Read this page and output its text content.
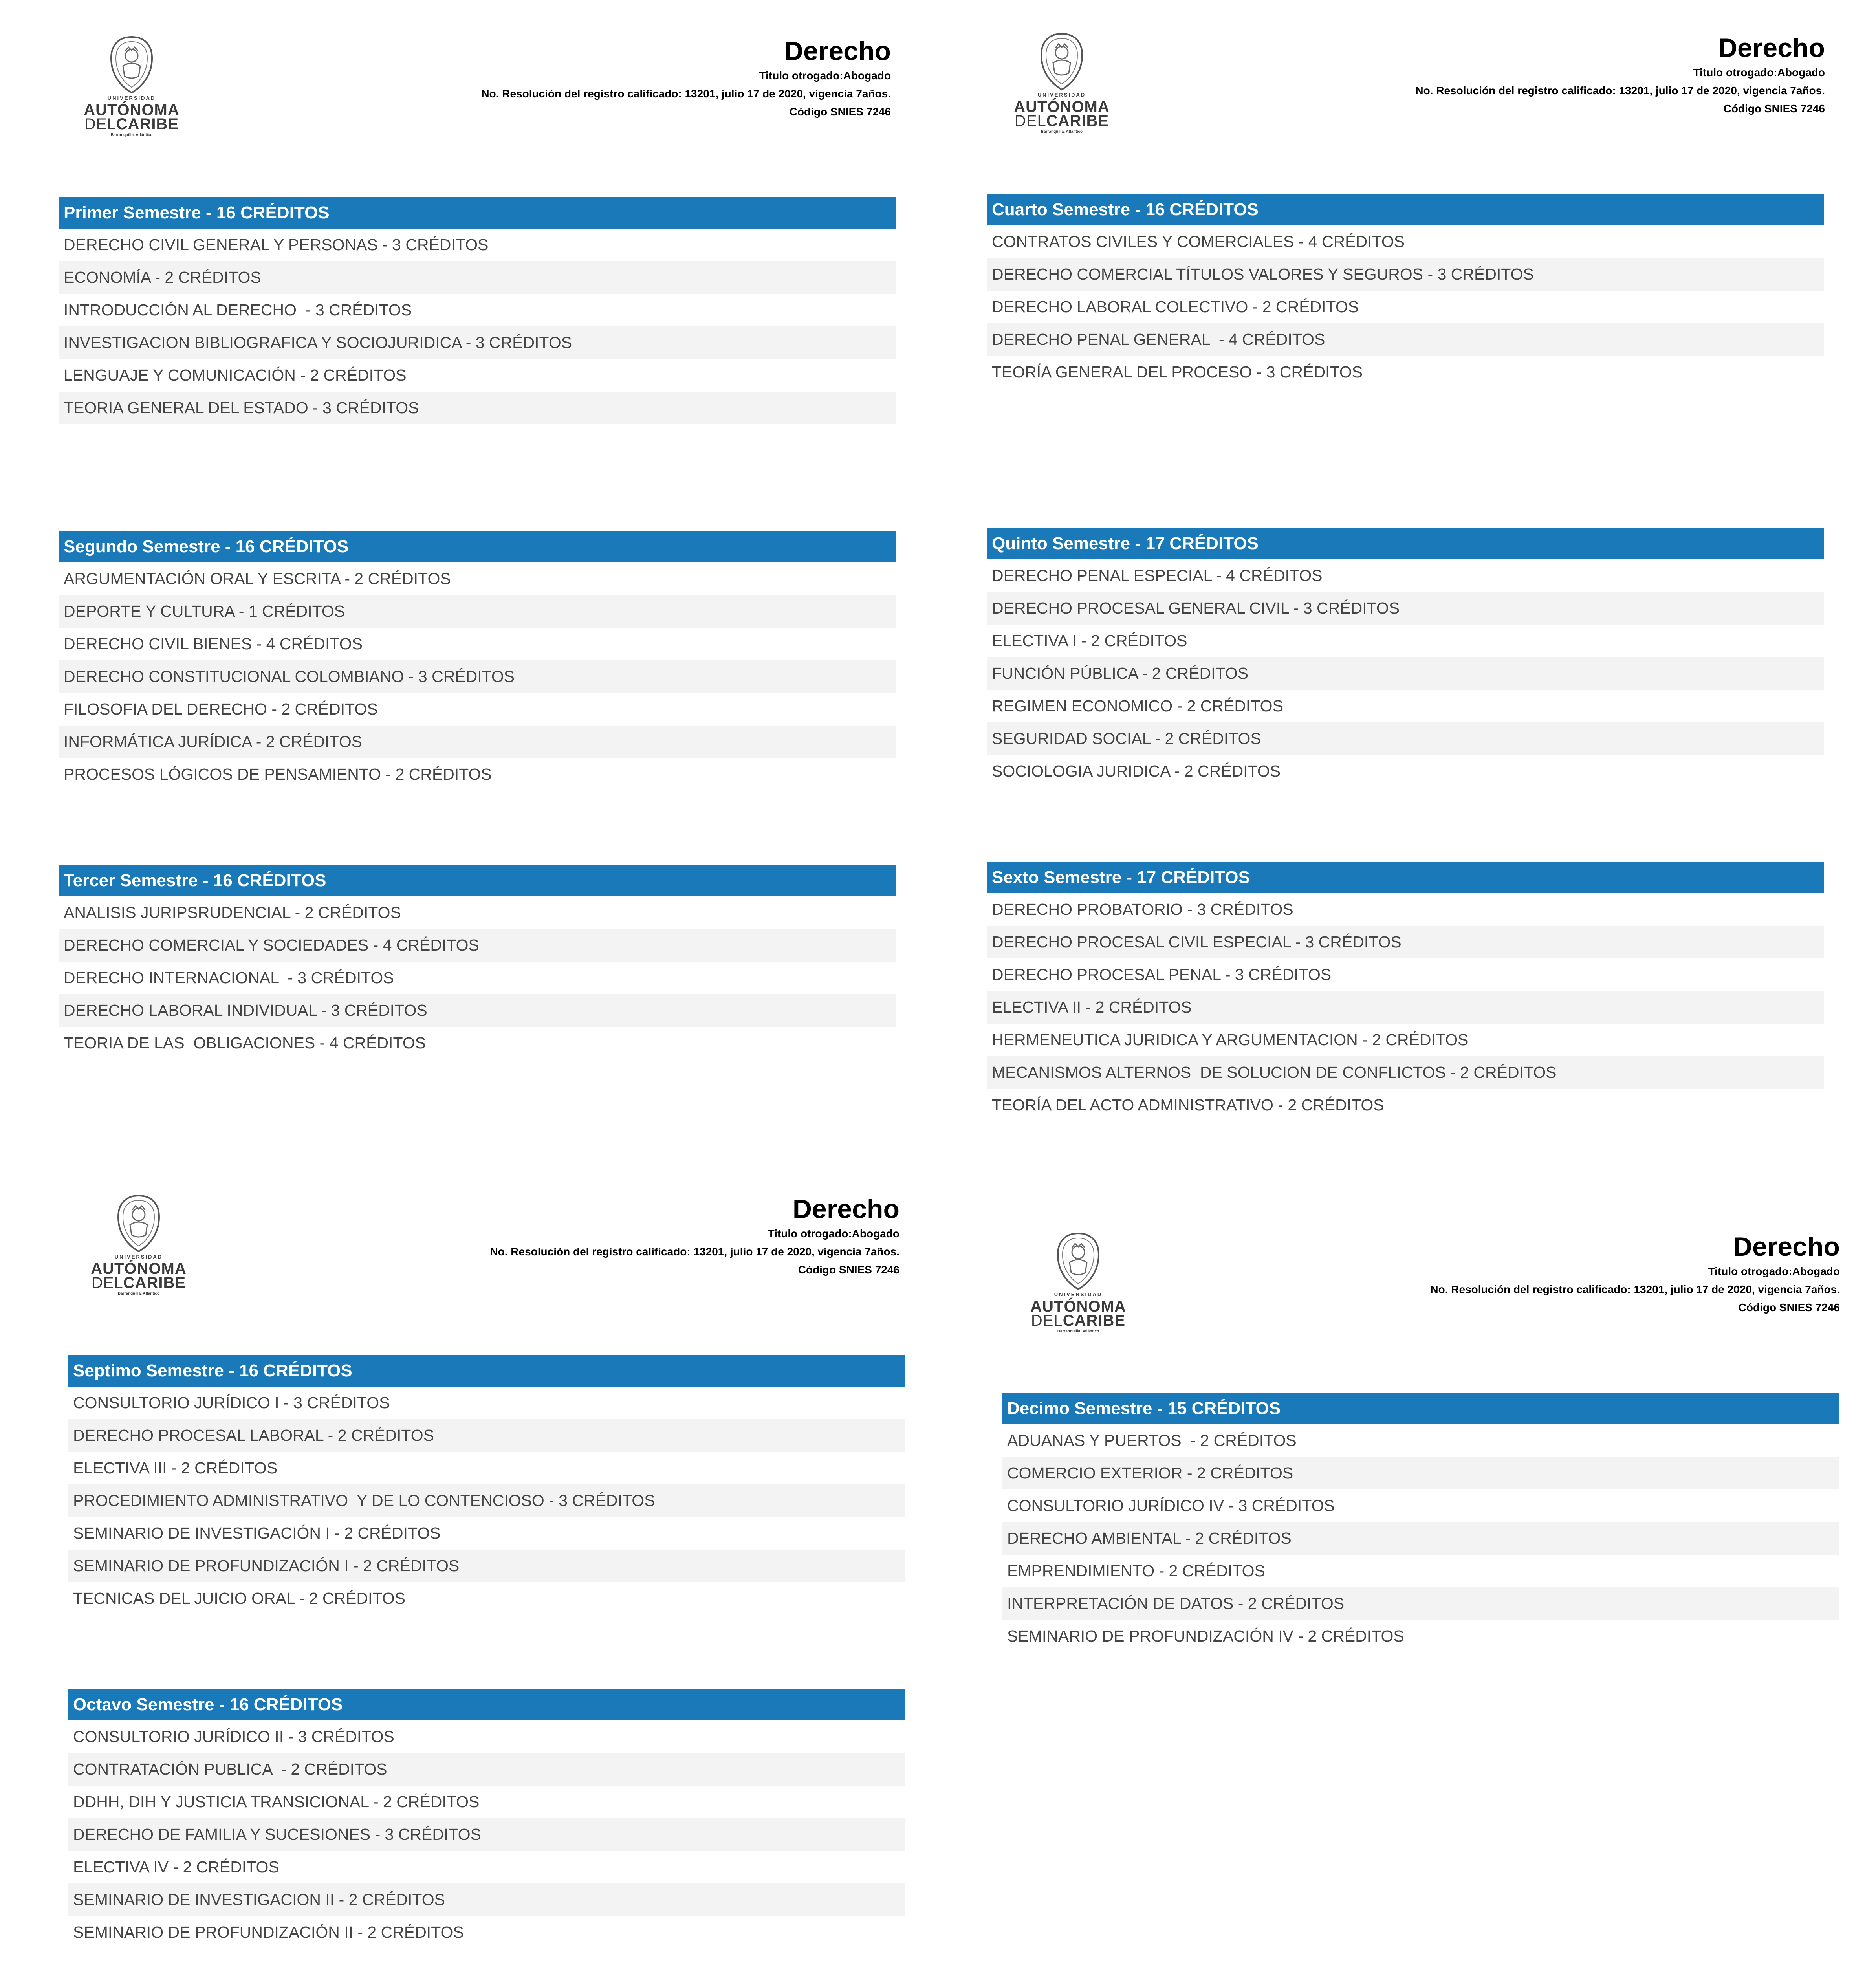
UNIVERSIDAD
AUTÓNOMA
DELCARIBE
Barranquilla, Atlántico
Derecho
Titulo otrogado:Abogado
No. Resolución del registro calificado: 13201, julio 17 de 2020, vigencia 7años.
Código SNIES 7246
Primer Semestre - 16 CRÉDITOS
DERECHO CIVIL GENERAL Y PERSONAS - 3 CRÉDITOS
ECONOMÍA - 2 CRÉDITOS
INTRODUCCIÓN AL DERECHO  - 3 CRÉDITOS
INVESTIGACION BIBLIOGRAFICA Y SOCIOJURIDICA - 3 CRÉDITOS
LENGUAJE Y COMUNICACIÓN - 2 CRÉDITOS
TEORIA GENERAL DEL ESTADO - 3 CRÉDITOS
Segundo Semestre - 16 CRÉDITOS
ARGUMENTACIÓN ORAL Y ESCRITA - 2 CRÉDITOS
DEPORTE Y CULTURA - 1 CRÉDITOS
DERECHO CIVIL BIENES - 4 CRÉDITOS
DERECHO CONSTITUCIONAL COLOMBIANO - 3 CRÉDITOS
FILOSOFIA DEL DERECHO - 2 CRÉDITOS
INFORMÁTICA JURÍDICA - 2 CRÉDITOS
PROCESOS LÓGICOS DE PENSAMIENTO - 2 CRÉDITOS
Tercer Semestre - 16 CRÉDITOS
ANALISIS JURIPSRUDENCIAL - 2 CRÉDITOS
DERECHO COMERCIAL Y SOCIEDADES - 4 CRÉDITOS
DERECHO INTERNACIONAL  - 3 CRÉDITOS
DERECHO LABORAL INDIVIDUAL - 3 CRÉDITOS
TEORIA DE LAS  OBLIGACIONES - 4 CRÉDITOS
UNIVERSIDAD
AUTÓNOMA
DELCARIBE
Barranquilla, Atlántico
Derecho
Titulo otrogado:Abogado
No. Resolución del registro calificado: 13201, julio 17 de 2020, vigencia 7años.
Código SNIES 7246
Cuarto Semestre - 16 CRÉDITOS
CONTRATOS CIVILES Y COMERCIALES - 4 CRÉDITOS
DERECHO COMERCIAL TÍTULOS VALORES Y SEGUROS - 3 CRÉDITOS
DERECHO LABORAL COLECTIVO - 2 CRÉDITOS
DERECHO PENAL GENERAL  - 4 CRÉDITOS
TEORÍA GENERAL DEL PROCESO - 3 CRÉDITOS
Quinto Semestre - 17 CRÉDITOS
DERECHO PENAL ESPECIAL - 4 CRÉDITOS
DERECHO PROCESAL GENERAL CIVIL - 3 CRÉDITOS
ELECTIVA I - 2 CRÉDITOS
FUNCIÓN PÚBLICA - 2 CRÉDITOS
REGIMEN ECONOMICO - 2 CRÉDITOS
SEGURIDAD SOCIAL - 2 CRÉDITOS
SOCIOLOGIA JURIDICA - 2 CRÉDITOS
Sexto Semestre - 17 CRÉDITOS
DERECHO PROBATORIO - 3 CRÉDITOS
DERECHO PROCESAL CIVIL ESPECIAL - 3 CRÉDITOS
DERECHO PROCESAL PENAL - 3 CRÉDITOS
ELECTIVA II - 2 CRÉDITOS
HERMENEUTICA JURIDICA Y ARGUMENTACION - 2 CRÉDITOS
MECANISMOS ALTERNOS  DE SOLUCION DE CONFLICTOS - 2 CRÉDITOS
TEORÍA DEL ACTO ADMINISTRATIVO - 2 CRÉDITOS
UNIVERSIDAD
AUTÓNOMA
DELCARIBE
Barranquilla, Atlántico
Derecho
Titulo otrogado:Abogado
No. Resolución del registro calificado: 13201, julio 17 de 2020, vigencia 7años.
Código SNIES 7246
Septimo Semestre - 16 CRÉDITOS
CONSULTORIO JURÍDICO I - 3 CRÉDITOS
DERECHO PROCESAL LABORAL - 2 CRÉDITOS
ELECTIVA III - 2 CRÉDITOS
PROCEDIMIENTO ADMINISTRATIVO  Y DE LO CONTENCIOSO - 3 CRÉDITOS
SEMINARIO DE INVESTIGACIÓN I - 2 CRÉDITOS
SEMINARIO DE PROFUNDIZACIÓN I - 2 CRÉDITOS
TECNICAS DEL JUICIO ORAL - 2 CRÉDITOS
Octavo Semestre - 16 CRÉDITOS
CONSULTORIO JURÍDICO II - 3 CRÉDITOS
CONTRATACIÓN PUBLICA  - 2 CRÉDITOS
DDHH, DIH Y JUSTICIA TRANSICIONAL - 2 CRÉDITOS
DERECHO DE FAMILIA Y SUCESIONES - 3 CRÉDITOS
ELECTIVA IV - 2 CRÉDITOS
SEMINARIO DE INVESTIGACION II - 2 CRÉDITOS
SEMINARIO DE PROFUNDIZACIÓN II - 2 CRÉDITOS
UNIVERSIDAD
AUTÓNOMA
DELCARIBE
Barranquilla, Atlántico
Derecho
Titulo otrogado:Abogado
No. Resolución del registro calificado: 13201, julio 17 de 2020, vigencia 7años.
Código SNIES 7246
Decimo Semestre - 15 CRÉDITOS
ADUANAS Y PUERTOS  - 2 CRÉDITOS
COMERCIO EXTERIOR - 2 CRÉDITOS
CONSULTORIO JURÍDICO IV - 3 CRÉDITOS
DERECHO AMBIENTAL - 2 CRÉDITOS
EMPRENDIMIENTO - 2 CRÉDITOS
INTERPRETACIÓN DE DATOS - 2 CRÉDITOS
SEMINARIO DE PROFUNDIZACIÓN IV - 2 CRÉDITOS
